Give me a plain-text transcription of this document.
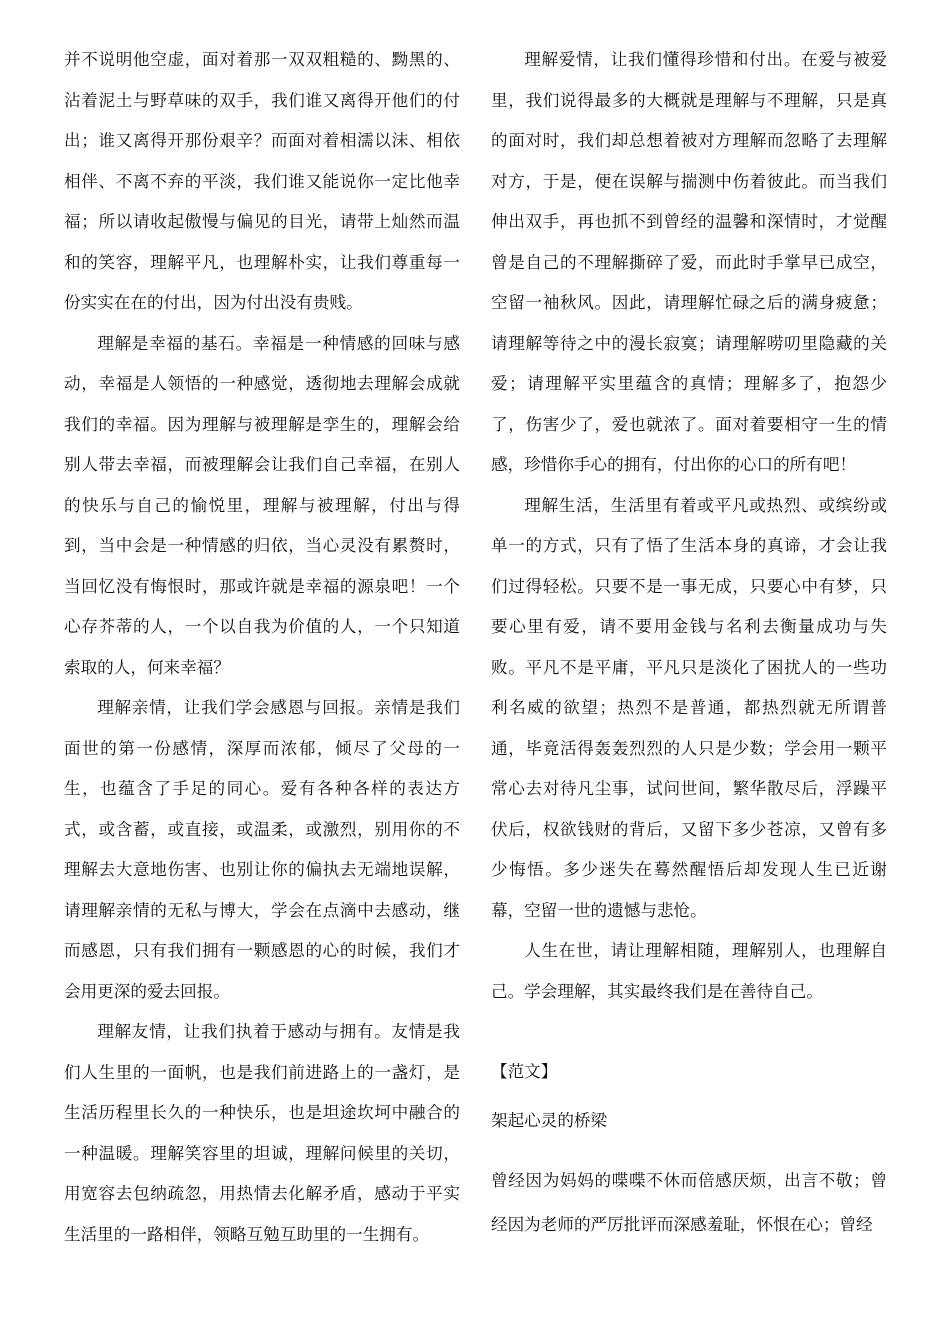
并不说明他空虚，面对着那一双双粗糙的、黝黑的、沾着泥土与野草味的双手，我们谁又离得开他们的付出；谁又离得开那份艰辛？而面对着相濡以沫、相依相伴、不离不弃的平淡，我们谁又能说你一定比他幸福；所以请收起傲慢与偏见的目光，请带上灿然而温和的笑容，理解平凡，也理解朴实，让我们尊重每一份实实在在的付出，因为付出没有贵贱。

理解是幸福的基石。幸福是一种情感的回味与感动，幸福是人领悟的一种感觉，透彻地去理解会成就我们的幸福。因为理解与被理解是孪生的，理解会给别人带去幸福，而被理解会让我们自己幸福，在别人的快乐与自己的愉悦里，理解与被理解，付出与得到，当中会是一种情感的归依，当心灵没有累赘时，当回忆没有悔恨时，那或许就是幸福的源泉吧！一个心存芥蒂的人，一个以自我为价值的人，一个只知道索取的人，何来幸福？

理解亲情，让我们学会感恩与回报。亲情是我们面世的第一份感情，深厚而浓郁，倾尽了父母的一生，也蕴含了手足的同心。爱有各种各样的表达方式，或含蓄，或直接，或温柔，或激烈，别用你的不理解去大意地伤害、也别让你的偏执去无端地误解，请理解亲情的无私与博大，学会在点滴中去感动，继而感恩，只有我们拥有一颗感恩的心的时候，我们才会用更深的爱去回报。

理解友情，让我们执着于感动与拥有。友情是我们人生里的一面帆，也是我们前进路上的一盏灯，是生活历程里长久的一种快乐，也是坦途坎坷中融合的一种温暖。理解笑容里的坦诚，理解问候里的关切，用宽容去包纳疏忽，用热情去化解矛盾，感动于平实生活里的一路相伴，领略互勉互助里的一生拥有。

理解爱情，让我们懂得珍惜和付出。在爱与被爱里，我们说得最多的大概就是理解与不理解，只是真的面对时，我们却总想着被对方理解而忽略了去理解对方，于是，便在误解与揣测中伤着彼此。而当我们伸出双手，再也抓不到曾经的温馨和深情时，才觉醒曾是自己的不理解撕碎了爱，而此时手掌早已成空，空留一袖秋风。因此，请理解忙碌之后的满身疲惫；请理解等待之中的漫长寂寞；请理解唠叨里隐藏的关爱；请理解平实里蕴含的真情；理解多了，抱怨少了，伤害少了，爱也就浓了。面对着要相守一生的情感，珍惜你手心的拥有，付出你的心口的所有吧！

理解生活，生活里有着或平凡或热烈、或缤纷或单一的方式，只有了悟了生活本身的真谛，才会让我们过得轻松。只要不是一事无成，只要心中有梦，只要心里有爱，请不要用金钱与名利去衡量成功与失败。平凡不是平庸，平凡只是淡化了困扰人的一些功利名威的欲望；热烈不是普通，都热烈就无所谓普通，毕竟活得轰轰烈烈的人只是少数；学会用一颗平常心去对待凡尘事，试问世间，繁华散尽后，浮躁平伏后，权欲钱财的背后，又留下多少苍凉，又曾有多少悔悟。多少迷失在蓦然醒悟后却发现人生已近谢幕，空留一世的遗憾与悲怆。

人生在世，请让理解相随，理解别人，也理解自己。学会理解，其实最终我们是在善待自己。

【范文】

架起心灵的桥梁

曾经因为妈妈的喋喋不休而倍感厌烦，出言不敬；曾经因为老师的严厉批评而深感羞耻，怀恨在心；曾经
